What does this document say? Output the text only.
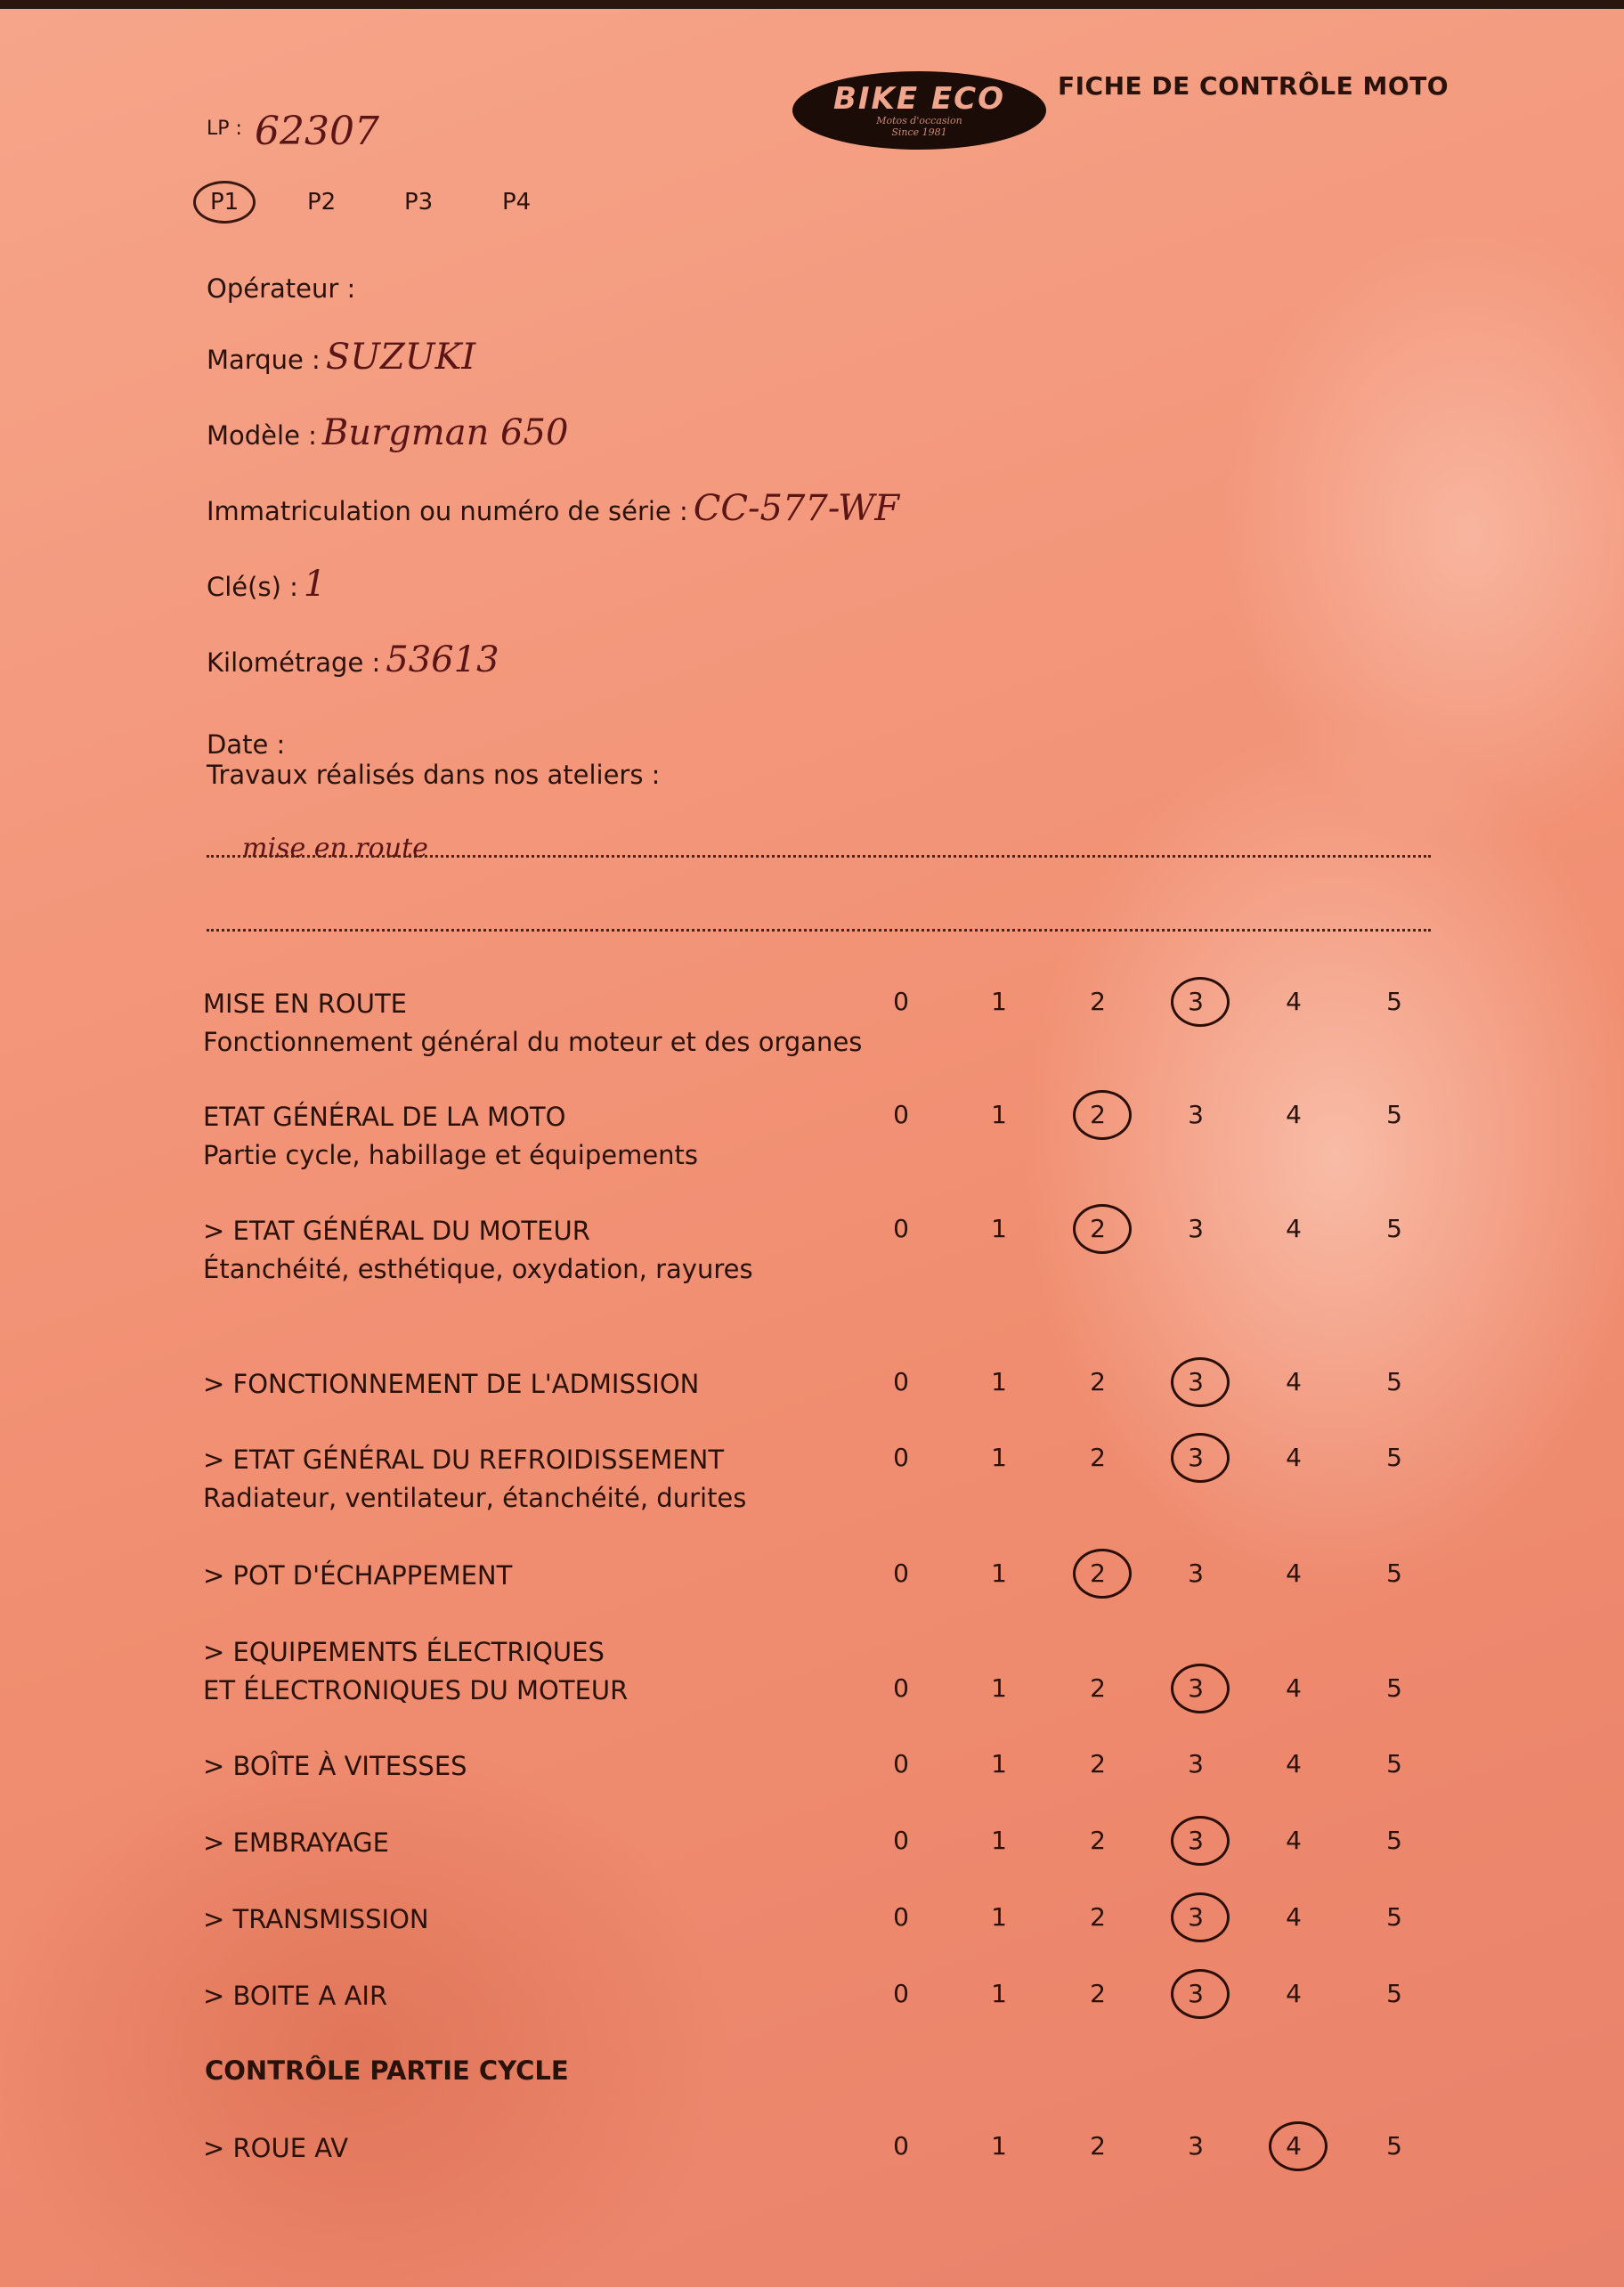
BIKE ECO
Motos d'occasion
Since 1981
FICHE DE CONTRÔLE MOTO
LP : 62307
P1	P2	P3	P4
Opérateur :
Marque : SUZUKI
Modèle : Burgman 650
Immatriculation ou numéro de série : CC-577-WF
Clé(s) : 1
Kilométrage : 53613
Date :
Travaux réalisés dans nos ateliers :
mise en route
MISE EN ROUTE
Fonctionnement général du moteur et des organes
0	1	2	3	4	5
ETAT GÉNÉRAL DE LA MOTO
Partie cycle, habillage et équipements
0	1	2	3	4	5
> ETAT GÉNÉRAL DU MOTEUR
Étanchéité, esthétique, oxydation, rayures
0	1	2	3	4	5
> FONCTIONNEMENT DE L'ADMISSION	0	1	2	3	4	5
> ETAT GÉNÉRAL DU REFROIDISSEMENT
Radiateur, ventilateur, étanchéité, durites
0	1	2	3	4	5
> POT D'ÉCHAPPEMENT	0	1	2	3	4	5
> EQUIPEMENTS ÉLECTRIQUES
ET ÉLECTRONIQUES DU MOTEUR	0	1	2	3	4	5
> BOÎTE À VITESSES	0	1	2	3	4	5
> EMBRAYAGE	0	1	2	3	4	5
> TRANSMISSION	0	1	2	3	4	5
> BOITE A AIR	0	1	2	3	4	5
> ROUE AV	0	1	2	3	4	5
CONTRÔLE PARTIE CYCLE
